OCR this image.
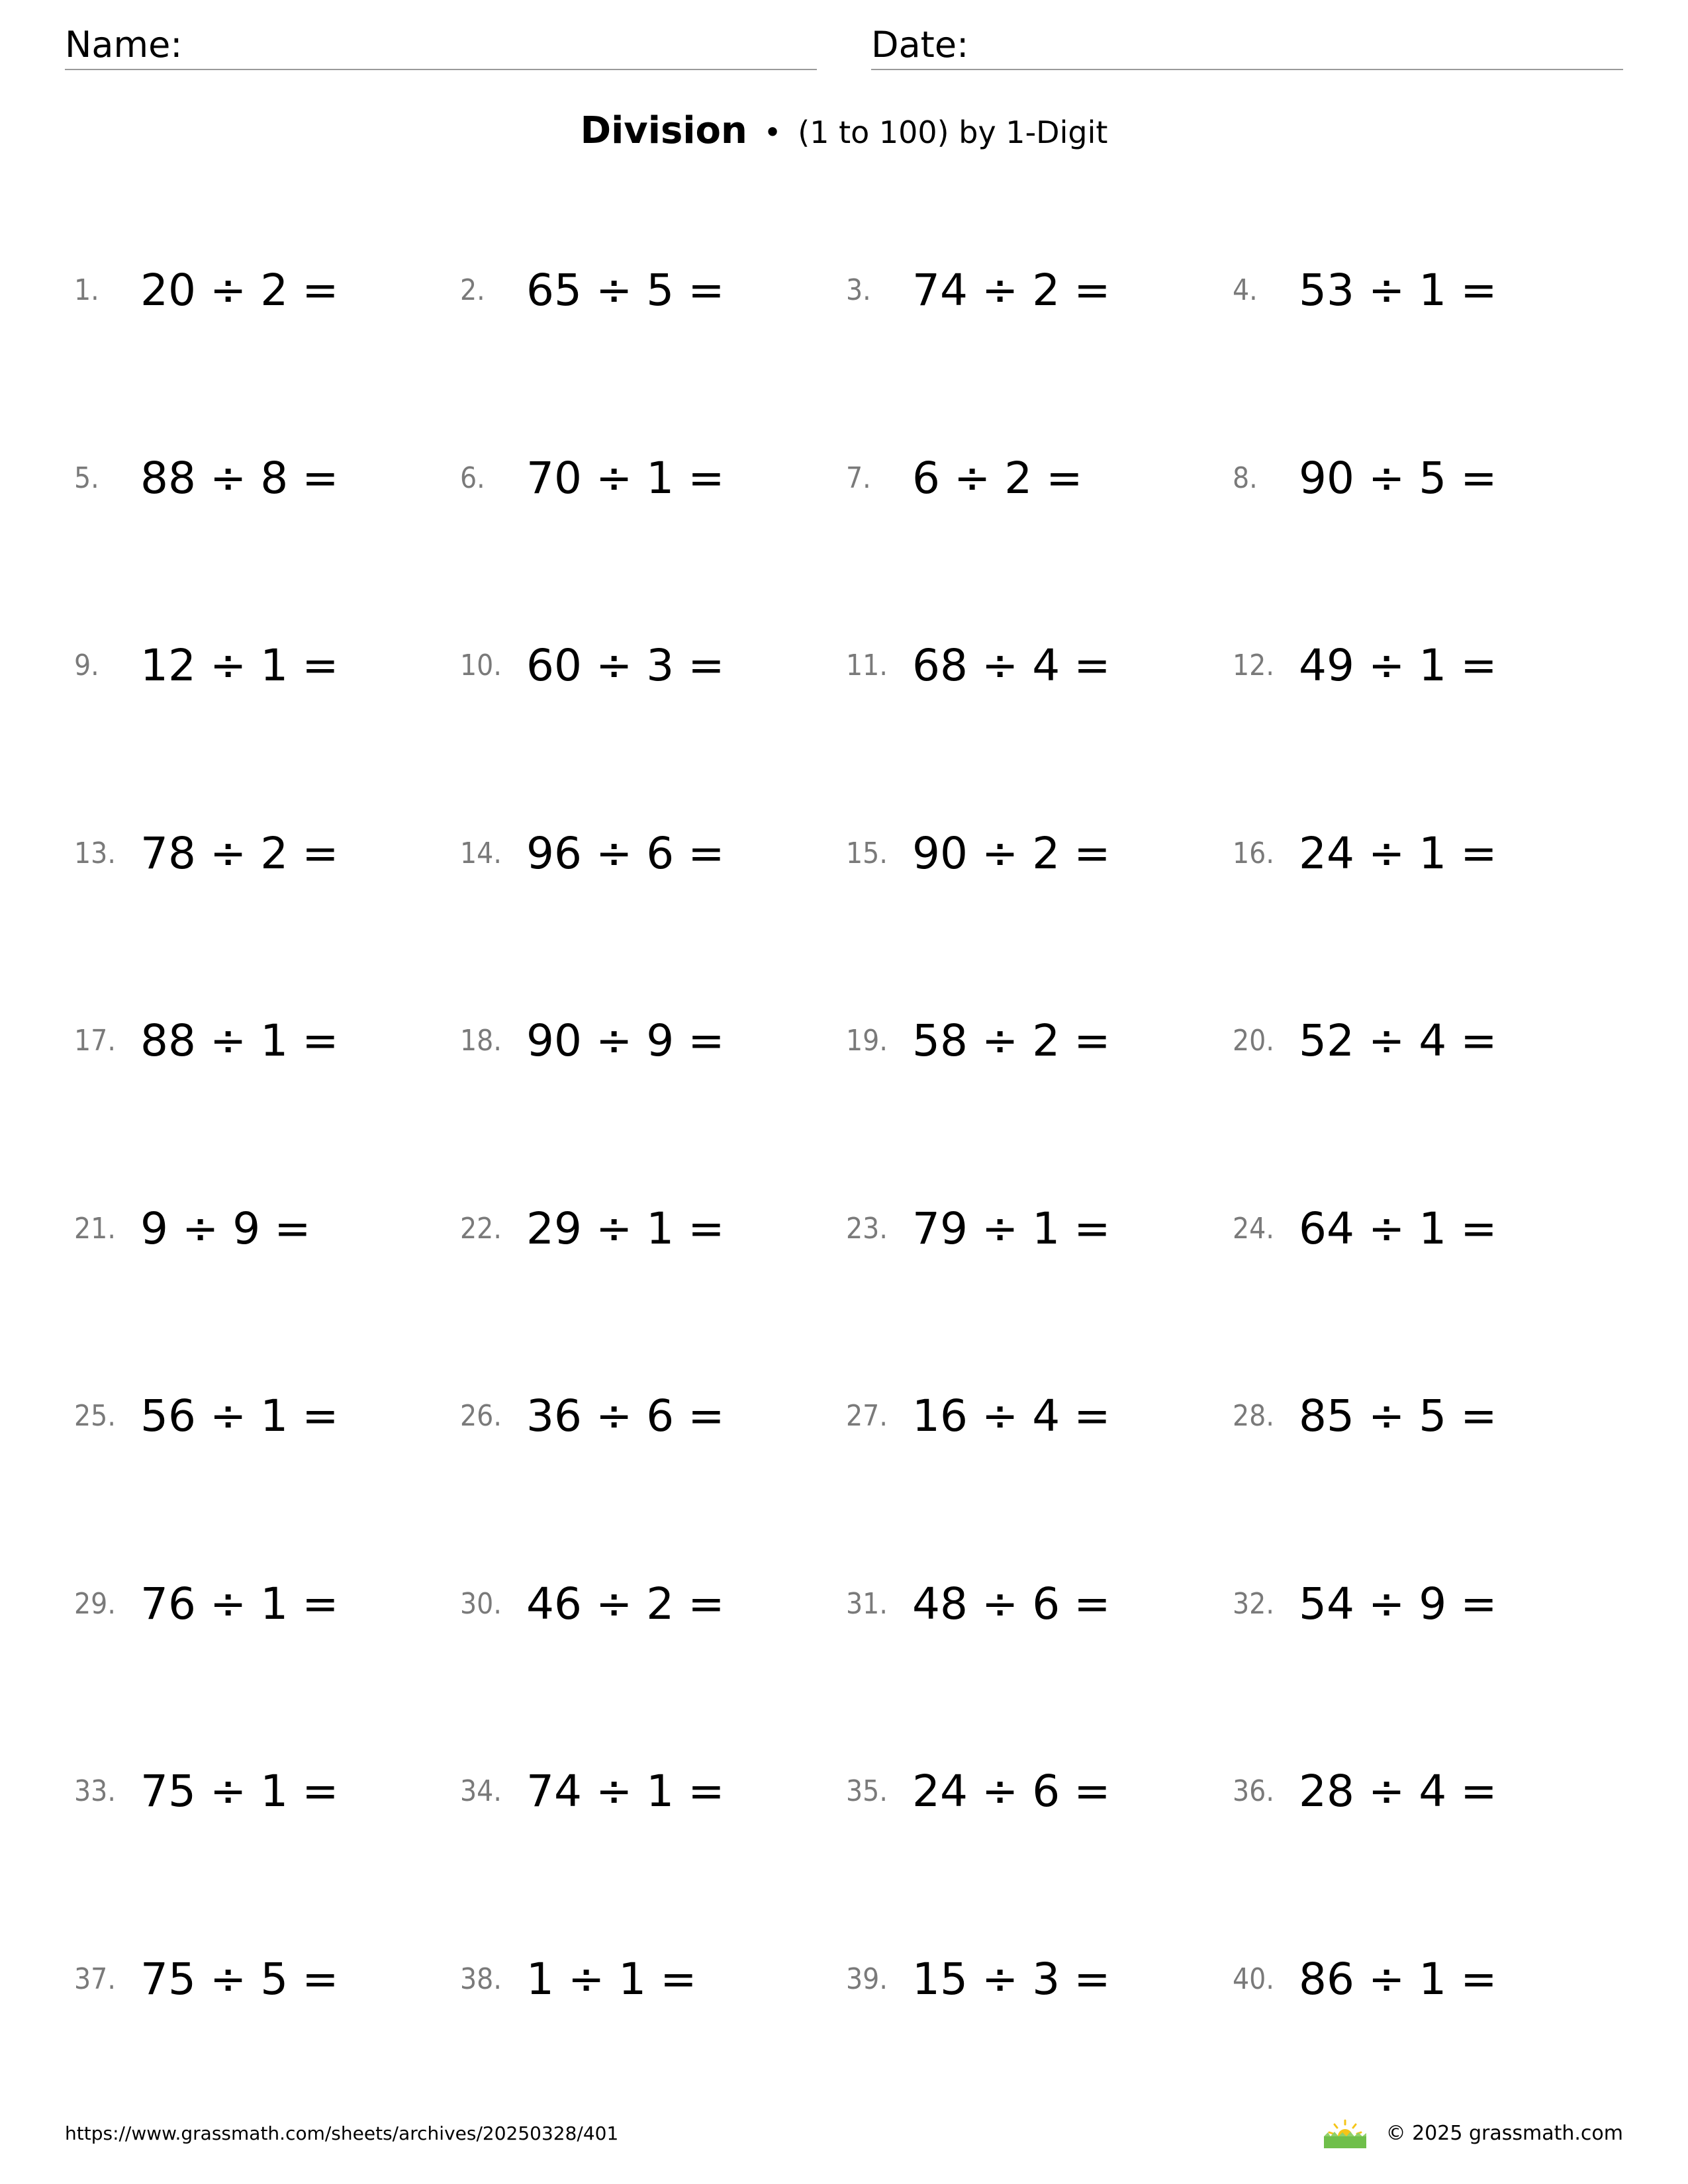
Name:	Date:
Division • (1 to 100) by 1-Digit
1. 20 ÷ 2 =	2. 65 ÷ 5 =	3. 74 ÷ 2 =	4. 53 ÷ 1 =
5. 88 ÷ 8 =	6. 70 ÷ 1 =	7. 6 ÷ 2 =	8. 90 ÷ 5 =
9. 12 ÷ 1 =	10. 60 ÷ 3 =	11. 68 ÷ 4 =	12. 49 ÷ 1 =
13. 78 ÷ 2 =	14. 96 ÷ 6 =	15. 90 ÷ 2 =	16. 24 ÷ 1 =
17. 88 ÷ 1 =	18. 90 ÷ 9 =	19. 58 ÷ 2 =	20. 52 ÷ 4 =
21. 9 ÷ 9 =	22. 29 ÷ 1 =	23. 79 ÷ 1 =	24. 64 ÷ 1 =
25. 56 ÷ 1 =	26. 36 ÷ 6 =	27. 16 ÷ 4 =	28. 85 ÷ 5 =
29. 76 ÷ 1 =	30. 46 ÷ 2 =	31. 48 ÷ 6 =	32. 54 ÷ 9 =
33. 75 ÷ 1 =	34. 74 ÷ 1 =	35. 24 ÷ 6 =	36. 28 ÷ 4 =
37. 75 ÷ 5 =	38. 1 ÷ 1 =	39. 15 ÷ 3 =	40. 86 ÷ 1 =
https://www.grassmath.com/sheets/archives/20250328/401	© 2025 grassmath.com
